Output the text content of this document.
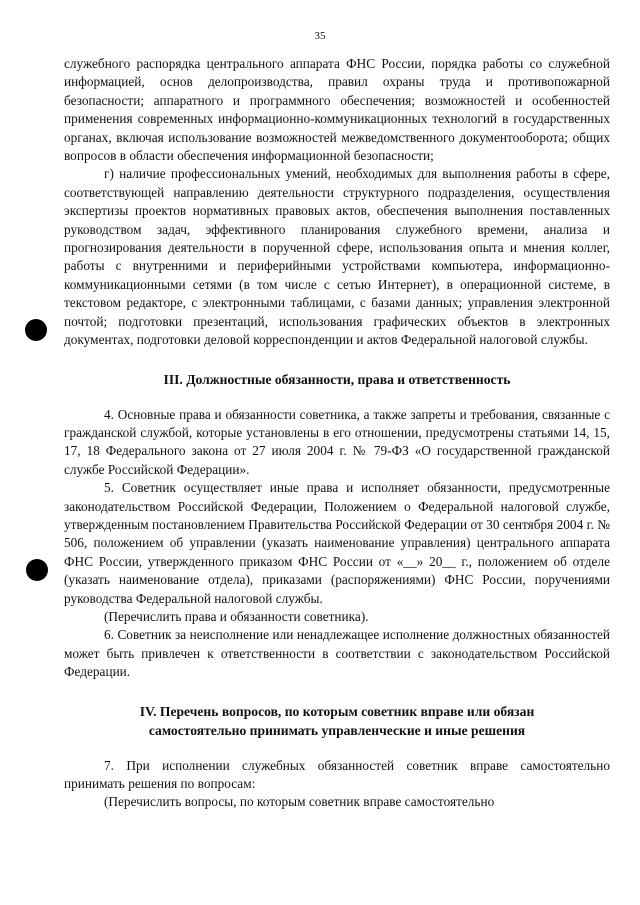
35

служебного распорядка центрального аппарата ФНС России, порядка работы со служебной информацией, основ делопроизводства, правил охраны труда и противопожарной безопасности; аппаратного и программного обеспечения; возможностей и особенностей применения современных информационно-коммуникационных технологий в государственных органах, включая использование возможностей межведомственного документооборота; общих вопросов в области обеспечения информационной безопасности;

г) наличие профессиональных умений, необходимых для выполнения работы в сфере, соответствующей направлению деятельности структурного подразделения, осуществления экспертизы проектов нормативных правовых актов, обеспечения выполнения поставленных руководством задач, эффективного планирования служебного времени, анализа и прогнозирования деятельности в порученной сфере, использования опыта и мнения коллег, работы с внутренними и периферийными устройствами компьютера, информационно-коммуникационными сетями (в том числе с сетью Интернет), в операционной системе, в текстовом редакторе, с электронными таблицами, с базами данных; управления электронной почтой; подготовки презентаций, использования графических объектов в электронных документах, подготовки деловой корреспонденции и актов Федеральной налоговой службы.

III. Должностные обязанности, права и ответственность

4. Основные права и обязанности советника, а также запреты и требования, связанные с гражданской службой, которые установлены в его отношении, предусмотрены статьями 14, 15, 17, 18 Федерального закона от 27 июля 2004 г. № 79-ФЗ «О государственной гражданской службе Российской Федерации».

5. Советник осуществляет иные права и исполняет обязанности, предусмотренные законодательством Российской Федерации, Положением о Федеральной налоговой службе, утвержденным постановлением Правительства Российской Федерации от 30 сентября 2004 г. № 506, положением об управлении (указать наименование управления) центрального аппарата ФНС России, утвержденного приказом ФНС России от «__» 20__ г., положением об отделе (указать наименование отдела), приказами (распоряжениями) ФНС России, поручениями руководства Федеральной налоговой службы.

(Перечислить права и обязанности советника).

6. Советник за неисполнение или ненадлежащее исполнение должностных обязанностей может быть привлечен к ответственности в соответствии с законодательством Российской Федерации.

IV. Перечень вопросов, по которым советник вправе или обязан
самостоятельно принимать управленческие и иные решения

7. При исполнении служебных обязанностей советник вправе самостоятельно принимать решения по вопросам:

(Перечислить вопросы, по которым советник вправе самостоятельно
